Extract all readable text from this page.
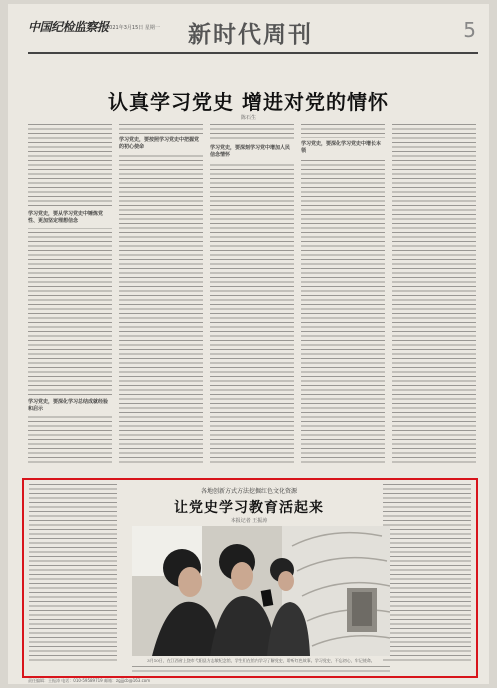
中国纪检监察报
2021年3月15日 星期一 新时代周刊	5
认真学习党史 增进对党的情怀
陈石生
学习党史，要从学习党史中锤炼党性、更加坚定理想信念
学习党史，要深化学习总结成就经验和启示
学习党史，要按照学习党史中把握党的初心使命	学习党史，要深刻学习党中增加人民信念情怀
学习党史，要深化学习党史中增长本领
各地创新方式方法挖掘红色文化资源
让党史学习教育活起来
本报记者 王振涛
3月10日，在江西省上饶市弋阳县方志敏纪念馆，学生们在馆内学习了解党史，聆听红色故事。学习党史，不忘初心，牢记使命。
责任编辑：王振涛 电话：010-59589719 邮箱：zgjjjcb@163.com
